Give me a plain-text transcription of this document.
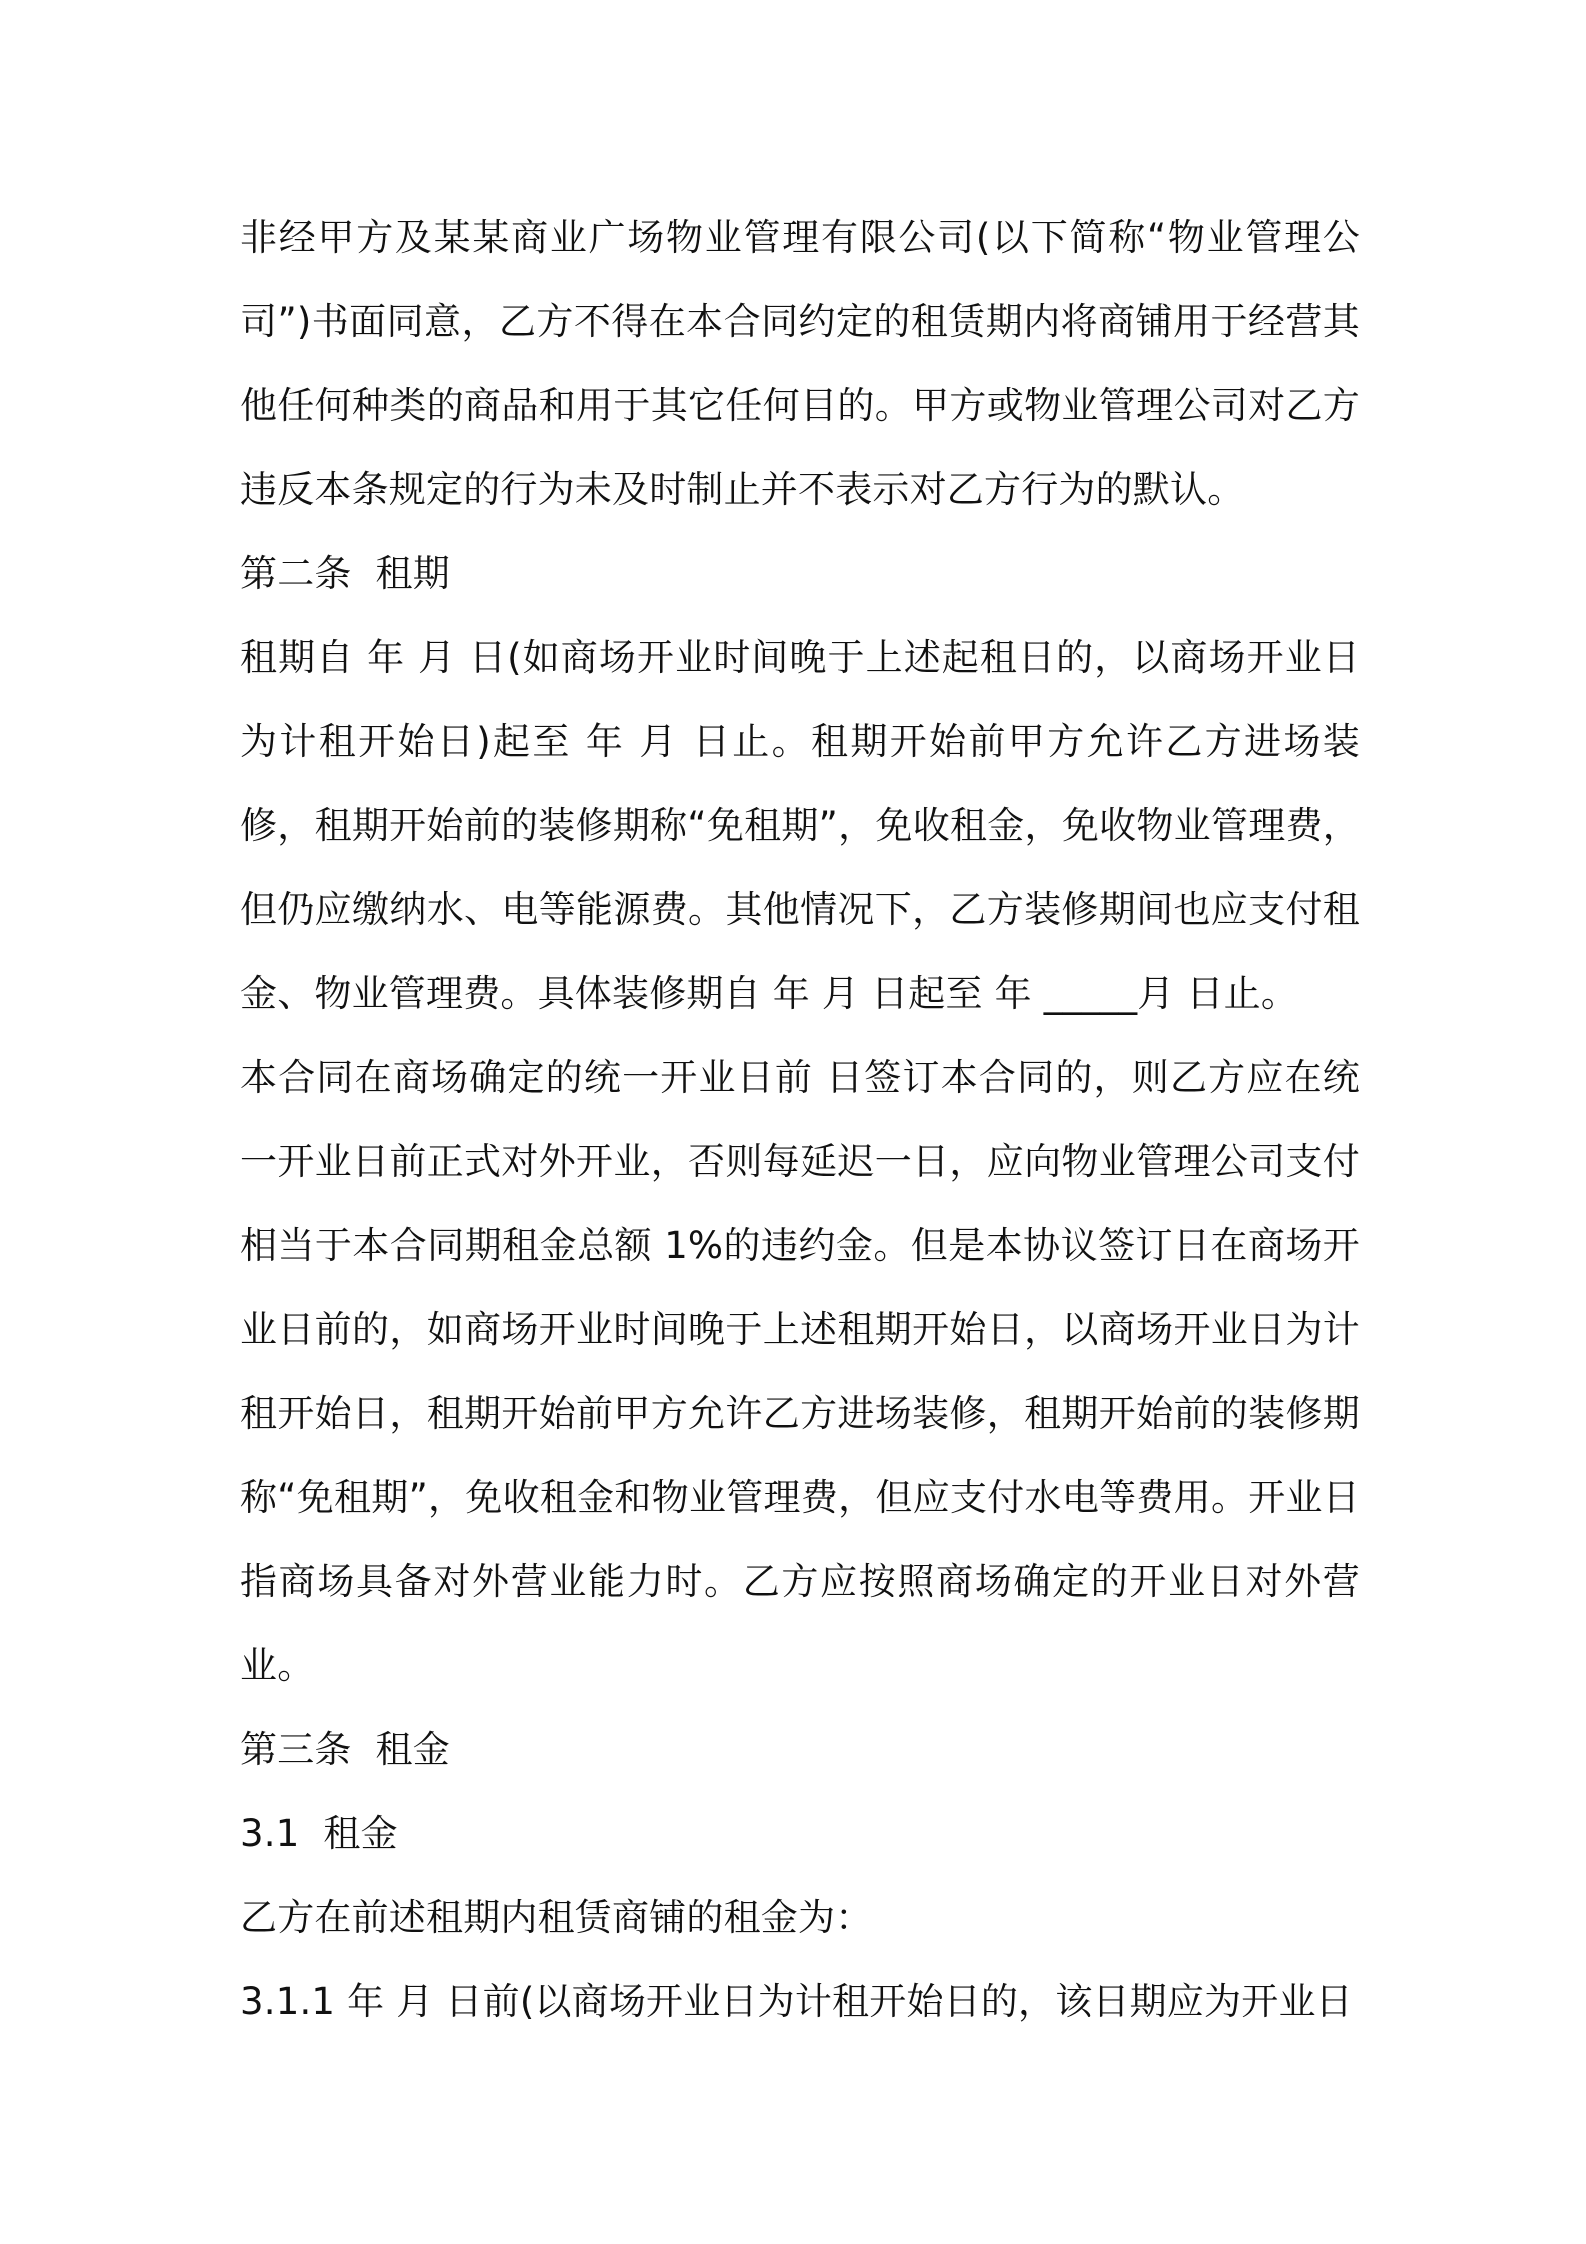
非经甲方及某某商业广场物业管理有限公司(以下简称“物业管理公司”)书面同意，乙方不得在本合同约定的租赁期内将商铺用于经营其他任何种类的商品和用于其它任何目的。甲方或物业管理公司对乙方违反本条规定的行为未及时制止并不表示对乙方行为的默认。

第二条  租期

租期自 年 月 日(如商场开业时间晚于上述起租日的，以商场开业日为计租开始日)起至 年 月 日止。租期开始前甲方允许乙方进场装修，租期开始前的装修期称“免租期”，免收租金，免收物业管理费，但仍应缴纳水、电等能源费。其他情况下，乙方装修期间也应支付租金、物业管理费。具体装修期自 年 月 日起至 年 _____月 日止。

本合同在商场确定的统一开业日前 日签订本合同的，则乙方应在统一开业日前正式对外开业，否则每延迟一日，应向物业管理公司支付相当于本合同期租金总额 1%的违约金。但是本协议签订日在商场开业日前的，如商场开业时间晚于上述租期开始日，以商场开业日为计租开始日，租期开始前甲方允许乙方进场装修，租期开始前的装修期称“免租期”，免收租金和物业管理费，但应支付水电等费用。开业日指商场具备对外营业能力时。乙方应按照商场确定的开业日对外营业。

第三条  租金

3.1  租金

乙方在前述租期内租赁商铺的租金为：

3.1.1 年 月 日前(以商场开业日为计租开始日的，该日期应为开业日
